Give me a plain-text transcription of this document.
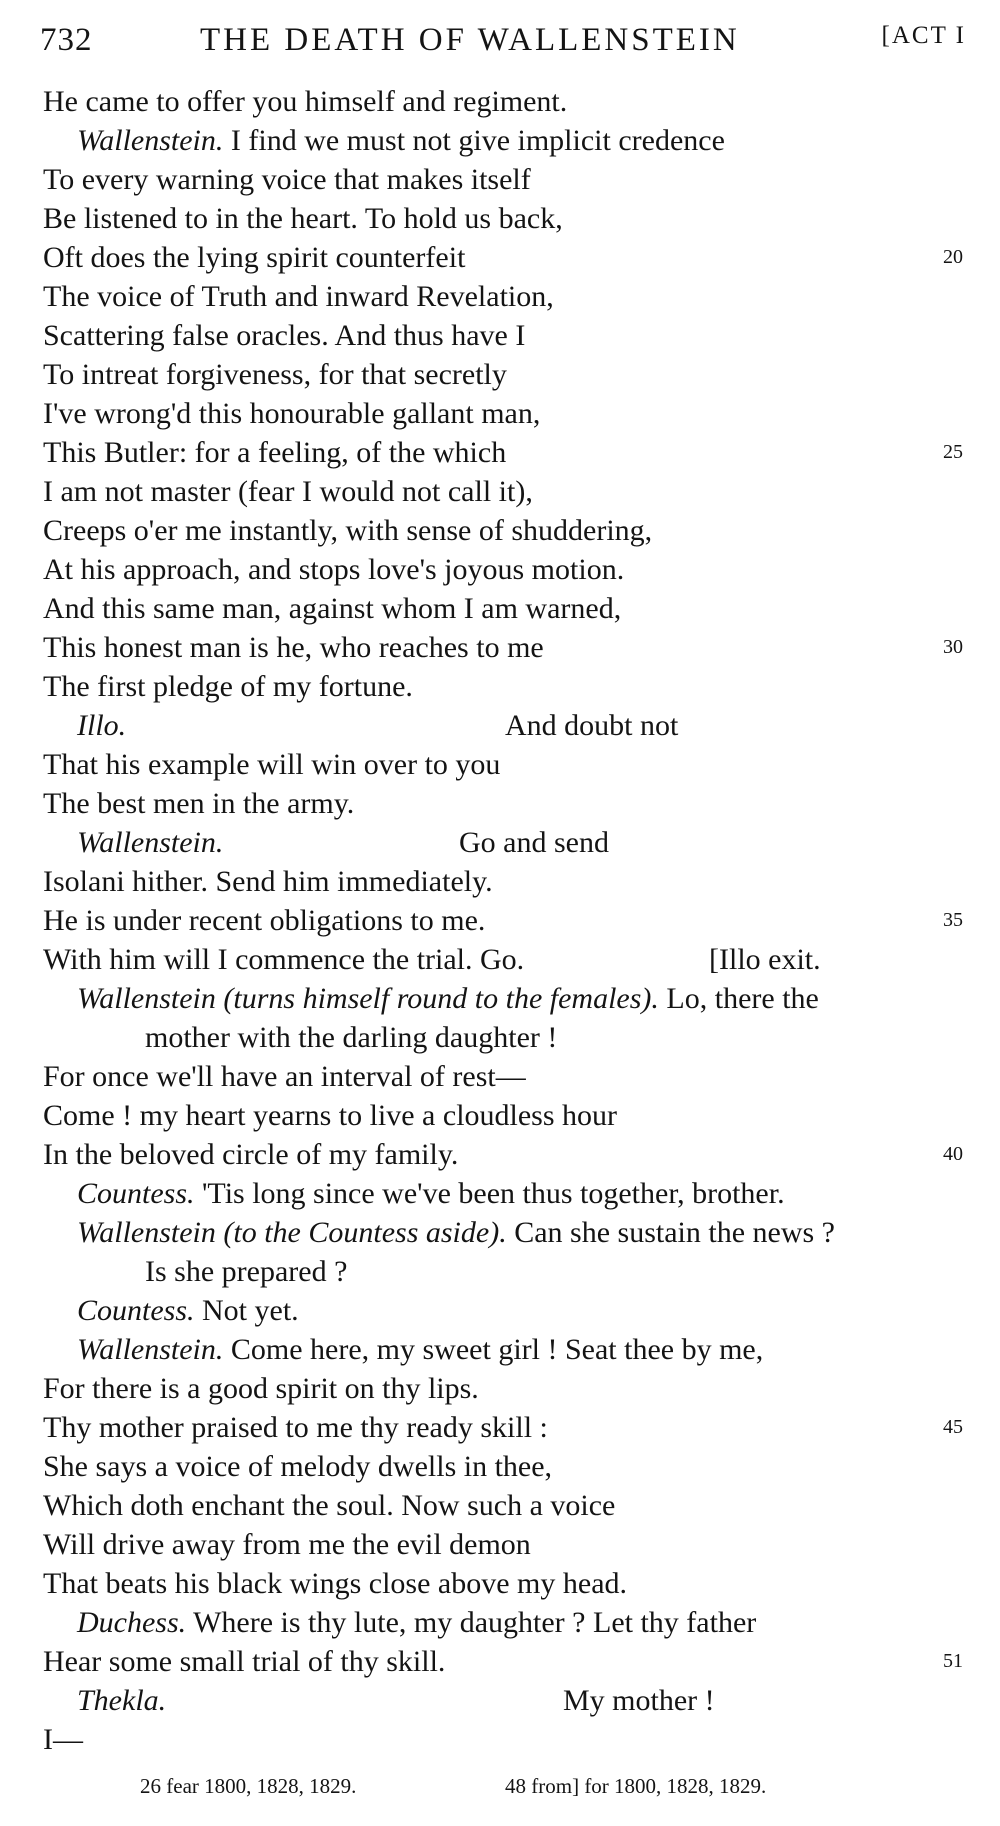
732	THE DEATH OF WALLENSTEIN	[ACT I
He came to offer you himself and regiment.
Wallenstein. I find we must not give implicit credence
To every warning voice that makes itself
Be listened to in the heart. To hold us back,
Oft does the lying spirit counterfeit	20
The voice of Truth and inward Revelation,
Scattering false oracles. And thus have I
To intreat forgiveness, for that secretly
I've wrong'd this honourable gallant man,
This Butler: for a feeling, of the which	25
I am not master (fear I would not call it),
Creeps o'er me instantly, with sense of shuddering,
At his approach, and stops love's joyous motion.
And this same man, against whom I am warned,
This honest man is he, who reaches to me	30
The first pledge of my fortune.
Illo.	And doubt not
That his example will win over to you
The best men in the army.
Wallenstein.	Go and send
Isolani hither. Send him immediately.
He is under recent obligations to me.	35
With him will I commence the trial. Go.	[Illo exit.
Wallenstein (turns himself round to the females). Lo, there the
mother with the darling daughter !
For once we'll have an interval of rest—
Come ! my heart yearns to live a cloudless hour
In the beloved circle of my family.	40
Countess. 'Tis long since we've been thus together, brother.
Wallenstein (to the Countess aside). Can she sustain the news ?
Is she prepared ?
Countess. Not yet.
Wallenstein. Come here, my sweet girl ! Seat thee by me,
For there is a good spirit on thy lips.
Thy mother praised to me thy ready skill :	45
She says a voice of melody dwells in thee,
Which doth enchant the soul. Now such a voice
Will drive away from me the evil demon
That beats his black wings close above my head.
Duchess. Where is thy lute, my daughter ? Let thy father
Hear some small trial of thy skill.	51
Thekla.	My mother !
I—
26 fear 1800, 1828, 1829.	48 from] for 1800, 1828, 1829.
